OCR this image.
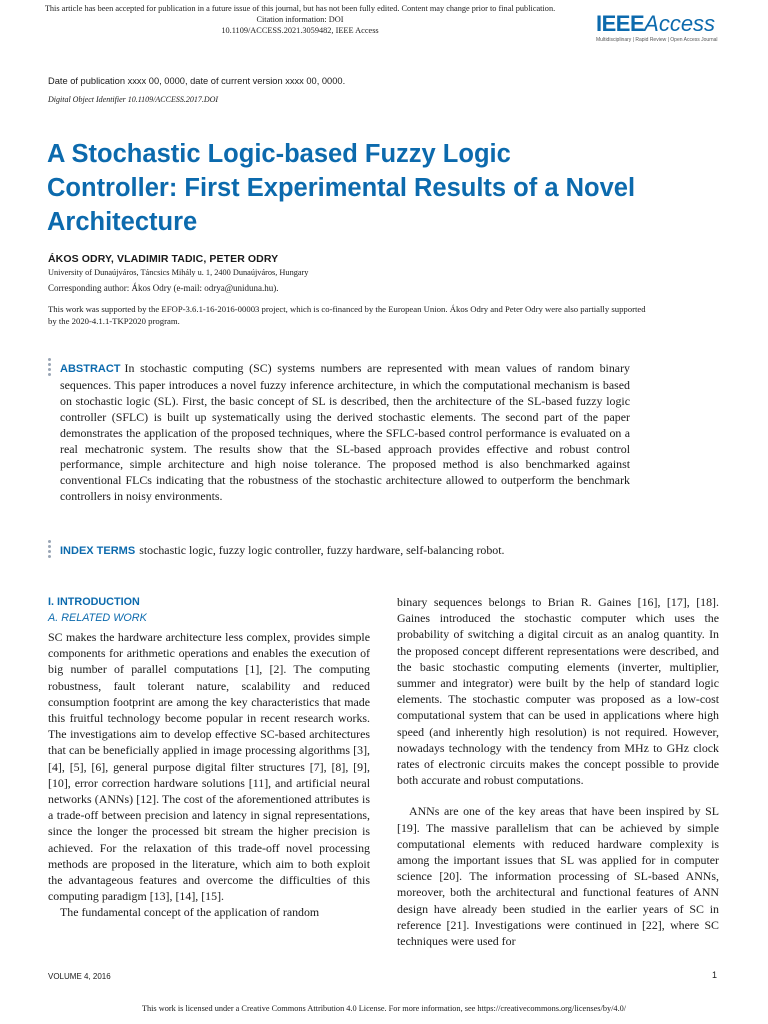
This article has been accepted for publication in a future issue of this journal, but has not been fully edited. Content may change prior to final publication. Citation information: DOI
10.1109/ACCESS.2021.3059482, IEEE Access	IEEEAccess
Multidisciplinary | Rapid Review | Open Access Journal
Date of publication xxxx 00, 0000, date of current version xxxx 00, 0000.
Digital Object Identifier 10.1109/ACCESS.2017.DOI
A Stochastic Logic-based Fuzzy Logic Controller: First Experimental Results of a Novel Architecture
ÁKOS ODRY, VLADIMIR TADIC, PETER ODRY
University of Dunaújváros, Táncsics Mihály u. 1, 2400 Dunaújváros, Hungary
Corresponding author: Ákos Odry (e-mail: odrya@uniduna.hu).
This work was supported by the EFOP-3.6.1-16-2016-00003 project, which is co-financed by the European Union. Ákos Odry and Peter Odry were also partially supported by the 2020-4.1.1-TKP2020 program.

ABSTRACT In stochastic computing (SC) systems numbers are represented with mean values of random binary sequences. This paper introduces a novel fuzzy inference architecture, in which the computational mechanism is based on stochastic logic (SL). First, the basic concept of SL is described, then the architecture of the SL-based fuzzy logic controller (SFLC) is built up systematically using the derived stochastic elements. The second part of the paper demonstrates the application of the proposed techniques, where the SFLC-based control performance is evaluated on a real mechatronic system. The results show that the SL-based approach provides effective and robust control performance, simple architecture and high noise tolerance. The proposed method is also benchmarked against conventional FLCs indicating that the robustness of the stochastic architecture allowed to outperform the benchmark controllers in noisy environments.

INDEX TERMS stochastic logic, fuzzy logic controller, fuzzy hardware, self-balancing robot.

I. INTRODUCTION
A. RELATED WORK

SC makes the hardware architecture less complex, provides simple components for arithmetic operations and enables the execution of big number of parallel computations [1], [2]. The computing robustness, fault tolerant nature, scalability and reduced consumption footprint are among the key characteristics that made this fruitful technology become popular in recent research works. The investigations aim to develop effective SC-based architectures that can be beneficially applied in image processing algorithms [3], [4], [5], [6], general purpose digital filter structures [7], [8], [9], [10], error correction hardware solutions [11], and artificial neural networks (ANNs) [12]. The cost of the aforementioned attributes is a trade-off between precision and latency in signal representations, since the longer the processed bit stream the higher precision is achieved. For the relaxation of this trade-off novel processing methods are proposed in the literature, which aim to both exploit the advantageous features and overcome the difficulties of this computing paradigm [13], [14], [15].

The fundamental concept of the application of random

binary sequences belongs to Brian R. Gaines [16], [17], [18]. Gaines introduced the stochastic computer which uses the probability of switching a digital circuit as an analog quantity. In the proposed concept different representations were described, and the basic stochastic computing elements (inverter, multiplier, summer and integrator) were built by the help of standard logic elements. The stochastic computer was proposed as a low-cost computational system that can be used in applications where high speed (and inherently high resolution) is not required. However, nowadays technology with the tendency from MHz to GHz clock rates of electronic circuits makes the concept possible to provide both accurate and robust computations.

ANNs are one of the key areas that have been inspired by SL [19]. The massive parallelism that can be achieved by simple computational elements with reduced hardware complexity is among the important issues that SL was applied for in computer science [20]. The information processing of SL-based ANNs, moreover, both the architectural and functional features of ANN design have already been studied in the earlier years of SC in reference [21]. Investigations were continued in [22], where SC techniques were used for

VOLUME 4, 2016	1
This work is licensed under a Creative Commons Attribution 4.0 License. For more information, see https://creativecommons.org/licenses/by/4.0/
